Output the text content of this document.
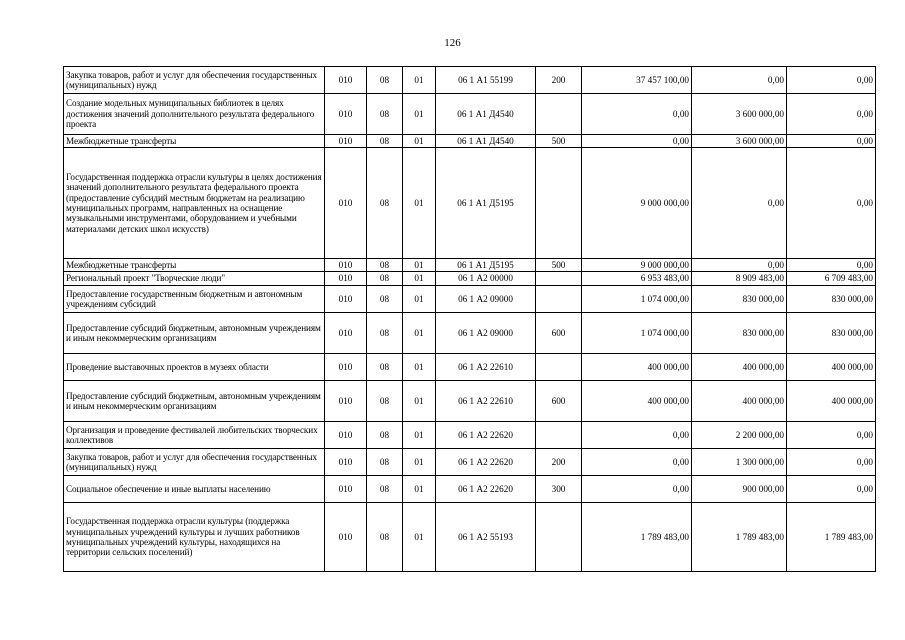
126
Закупка товаров, работ и услуг для обеспечения государственных (муниципальных) нужд	010	08	01	06 1 А1 55199	200	37 457 100,00	0,00	0,00
Создание модельных муниципальных библиотек в целях достижения значений дополнительного результата федерального проекта	010	08	01	06 1 А1 Д4540		0,00	3 600 000,00	0,00
Межбюджетные трансферты	010	08	01	06 1 А1 Д4540	500	0,00	3 600 000,00	0,00
Государственная поддержка отрасли культуры в целях достижения значений дополнительного результата федерального проекта (предоставление субсидий местным бюджетам на реализацию муниципальных программ, направленных на оснащение музыкальными инструментами, оборудованием и учебными материалами детских школ искусств)	010	08	01	06 1 А1 Д5195		9 000 000,00	0,00	0,00
Межбюджетные трансферты	010	08	01	06 1 А1 Д5195	500	9 000 000,00	0,00	0,00
Региональный проект "Творческие люди"	010	08	01	06 1 А2 00000		6 953 483,00	8 909 483,00	6 709 483,00
Предоставление государственным бюджетным и автономным учреждениям субсидий	010	08	01	06 1 А2 09000		1 074 000,00	830 000,00	830 000,00
Предоставление субсидий бюджетным, автономным учреждениям и иным некоммерческим организациям	010	08	01	06 1 А2 09000	600	1 074 000,00	830 000,00	830 000,00
Проведение выставочных проектов в музеях области	010	08	01	06 1 А2 22610		400 000,00	400 000,00	400 000,00
Предоставление субсидий бюджетным, автономным учреждениям и иным некоммерческим организациям	010	08	01	06 1 А2 22610	600	400 000,00	400 000,00	400 000,00
Организация и проведение фестивалей любительских творческих коллективов	010	08	01	06 1 А2 22620		0,00	2 200 000,00	0,00
Закупка товаров, работ и услуг для обеспечения государственных (муниципальных) нужд	010	08	01	06 1 А2 22620	200	0,00	1 300 000,00	0,00
Социальное обеспечение и иные выплаты населению	010	08	01	06 1 А2 22620	300	0,00	900 000,00	0,00
Государственная поддержка отрасли культуры (поддержка муниципальных учреждений культуры и лучших работников муниципальных учреждений культуры, находящихся на территории сельских поселений)	010	08	01	06 1 А2 55193		1 789 483,00	1 789 483,00	1 789 483,00
